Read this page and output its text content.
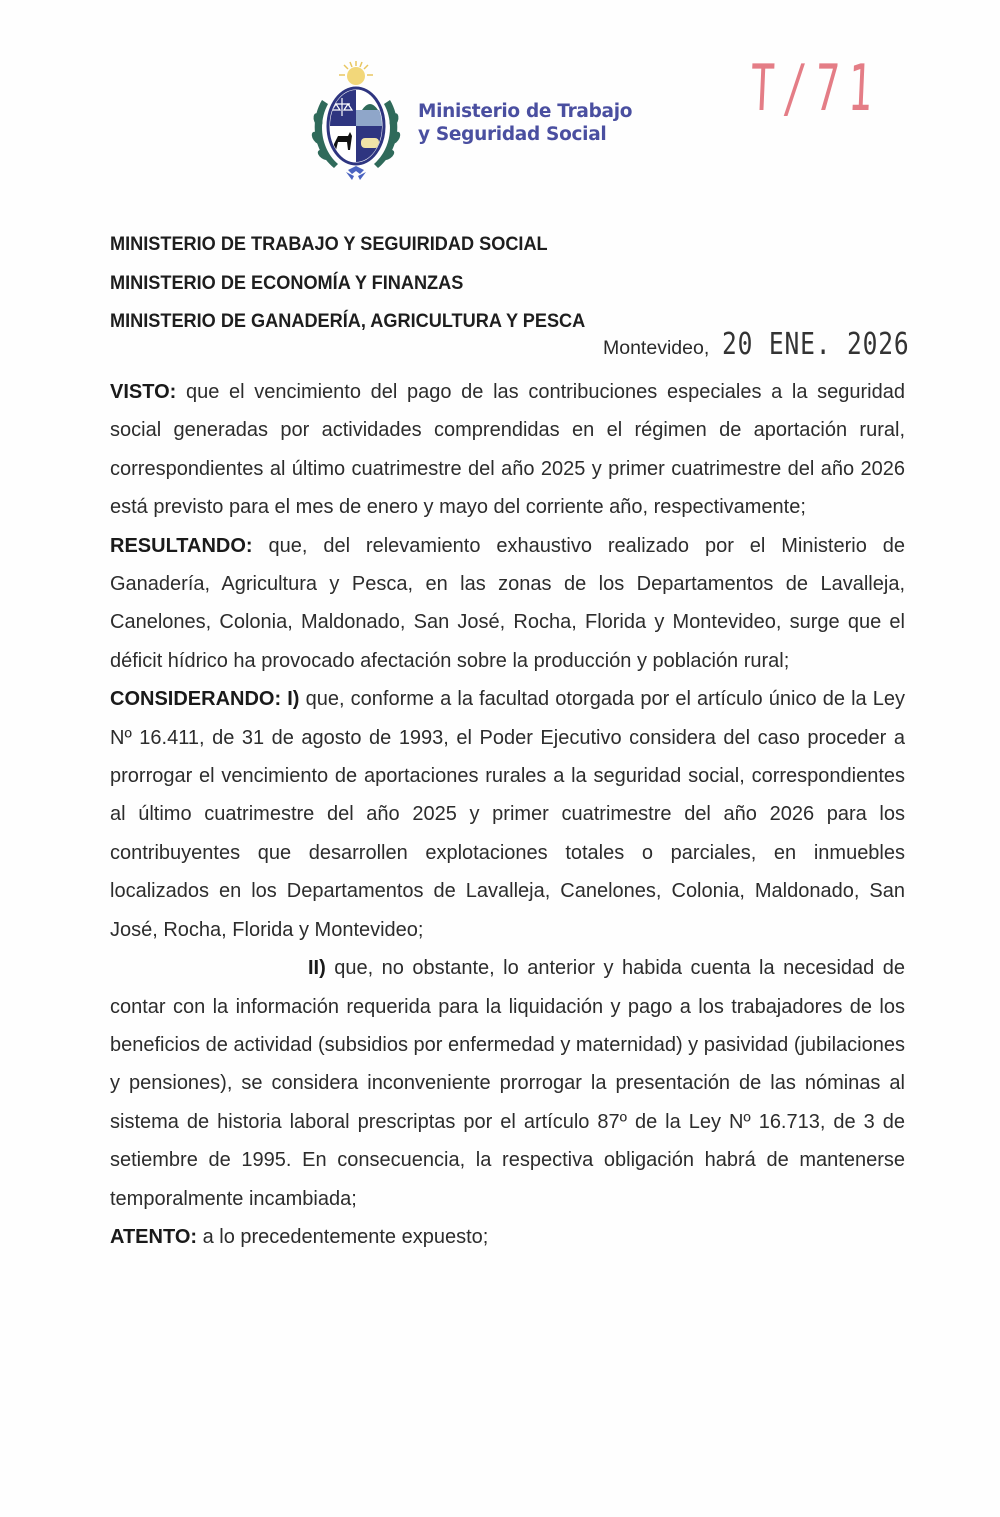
Ministerio de Trabajo
y Seguridad Social
T/71
MINISTERIO DE TRABAJO Y SEGUIRIDAD SOCIAL
MINISTERIO DE ECONOMÍA Y FINANZAS
MINISTERIO DE GANADERÍA, AGRICULTURA Y PESCA
Montevideo, 20 ENE. 2026

VISTO: que el vencimiento del pago de las contribuciones especiales a la seguridad social generadas por actividades comprendidas en el régimen de aportación rural, correspondientes al último cuatrimestre del año 2025 y primer cuatrimestre del año 2026 está previsto para el mes de enero y mayo del corriente año, respectivamente;

RESULTANDO: que, del relevamiento exhaustivo realizado por el Ministerio de Ganadería, Agricultura y Pesca, en las zonas de los Departamentos de Lavalleja, Canelones, Colonia, Maldonado, San José, Rocha, Florida y Montevideo, surge que el déficit hídrico ha provocado afectación sobre la producción y población rural;

CONSIDERANDO: I) que, conforme a la facultad otorgada por el artículo único de la Ley Nº 16.411, de 31 de agosto de 1993, el Poder Ejecutivo considera del caso proceder a prorrogar el vencimiento de aportaciones rurales a la seguridad social, correspondientes al último cuatrimestre del año 2025 y primer cuatrimestre del año 2026 para los contribuyentes que desarrollen explotaciones totales o parciales, en inmuebles localizados en los Departamentos de Lavalleja, Canelones, Colonia, Maldonado, San José, Rocha, Florida y Montevideo;

II) que, no obstante, lo anterior y habida cuenta la necesidad de contar con la información requerida para la liquidación y pago a los trabajadores de los beneficios de actividad (subsidios por enfermedad y maternidad) y pasividad (jubilaciones y pensiones), se considera inconveniente prorrogar la presentación de las nóminas al sistema de historia laboral prescriptas por el artículo 87º de la Ley Nº 16.713, de 3 de setiembre de 1995. En consecuencia, la respectiva obligación habrá de mantenerse temporalmente incambiada;

ATENTO: a lo precedentemente expuesto;
